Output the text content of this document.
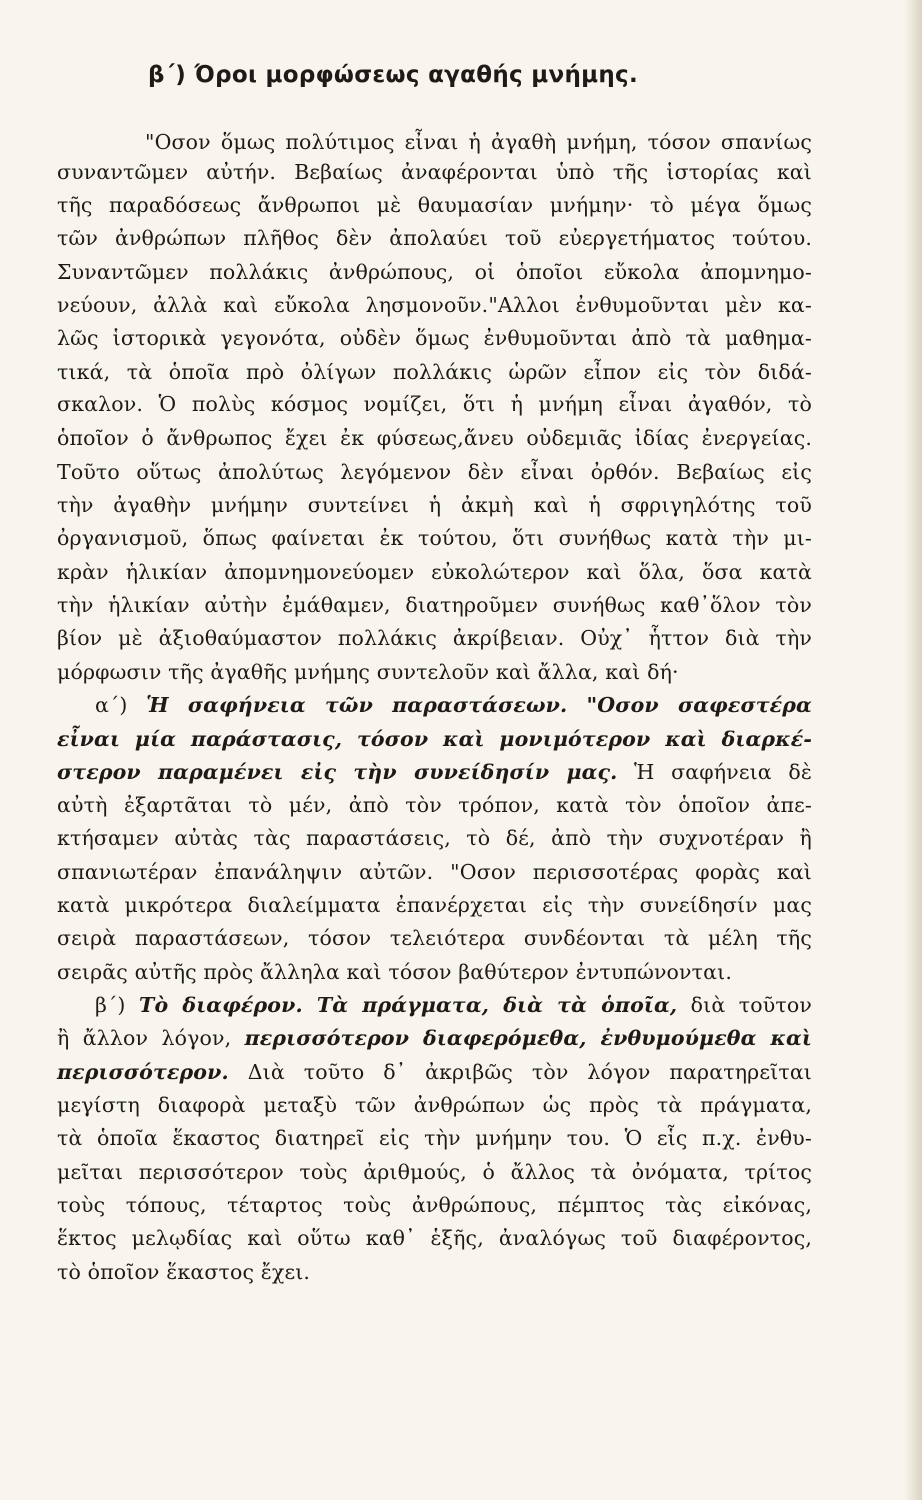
β΄) Όροι μορφώσεως αγαθής μνήμης.
"Οσον ὅμως πολύτιμος εἶναι ἡ ἀγαθὴ μνήμη, τόσον σπανίως
συναντῶμεν αὐτήν. Βεβαίως ἀναφέρονται ὑπὸ τῆς ἱστορίας καὶ
τῆς παραδόσεως ἄνθρωποι μὲ θαυμασίαν μνήμην· τὸ μέγα ὅμως
τῶν ἀνθρώπων πλῆθος δὲν ἀπολαύει τοῦ εὐεργετήματος τούτου.
Συναντῶμεν πολλάκις ἀνθρώπους, οἱ ὁποῖοι εὔκολα ἀπομνημο-
νεύουν, ἀλλὰ καὶ εὔκολα λησμονοῦν."Αλλοι ἐνθυμοῦνται μὲν κα-
λῶς ἱστορικὰ γεγονότα, οὐδὲν ὅμως ἐνθυμοῦνται ἀπὸ τὰ μαθημα-
τικά, τὰ ὁποῖα πρὸ ὀλίγων πολλάκις ὡρῶν εἶπον εἰς τὸν διδά-
σκαλον. Ὁ πολὺς κόσμος νομίζει, ὅτι ἡ μνήμη εἶναι ἀγαθόν, τὸ
ὁποῖον ὁ ἄνθρωπος ἔχει ἐκ φύσεως,ἄνευ οὐδεμιᾶς ἰδίας ἐνεργείας.
Τοῦτο οὕτως ἀπολύτως λεγόμενον δὲν εἶναι ὀρθόν. Βεβαίως εἰς
τὴν ἀγαθὴν μνήμην συντείνει ἡ ἀκμὴ καὶ ἡ σφριγηλότης τοῦ
ὀργανισμοῦ, ὅπως φαίνεται ἐκ τούτου, ὅτι συνήθως κατὰ τὴν μι-
κρὰν ἡλικίαν ἀπομνημονεύομεν εὐκολώτερον καὶ ὅλα, ὅσα κατὰ
τὴν ἡλικίαν αὐτὴν ἐμάθαμεν, διατηροῦμεν συνήθως καθ᾽ὅλον τὸν
βίον μὲ ἀξιοθαύμαστον πολλάκις ἀκρίβειαν. Οὐχ᾽ ἧττον διὰ τὴν
μόρφωσιν τῆς ἀγαθῆς μνήμης συντελοῦν καὶ ἄλλα, καὶ δή·
α΄) Ἡ σαφήνεια τῶν παραστάσεων. "Οσον σαφεστέρα
εἶναι μία παράστασις, τόσον καὶ μονιμότερον καὶ διαρκέ-
στερον παραμένει εἰς τὴν συνείδησίν μας. Ἡ σαφήνεια δὲ
αὐτὴ ἐξαρτᾶται τὸ μέν, ἀπὸ τὸν τρόπον, κατὰ τὸν ὁποῖον ἀπε-
κτήσαμεν αὐτὰς τὰς παραστάσεις, τὸ δέ, ἀπὸ τὴν συχνοτέραν ἢ
σπανιωτέραν ἐπανάληψιν αὐτῶν. "Οσον περισσοτέρας φορὰς καὶ
κατὰ μικρότερα διαλείμματα ἐπανέρχεται εἰς τὴν συνείδησίν μας
σειρὰ παραστάσεων, τόσον τελειότερα συνδέονται τὰ μέλη τῆς
σειρᾶς αὐτῆς πρὸς ἄλληλα καὶ τόσον βαθύτερον ἐντυπώνονται.
β΄) Τὸ διαφέρον. Τὰ πράγματα, διὰ τὰ ὁποῖα, διὰ τοῦτον
ἢ ἄλλον λόγον, περισσότερον διαφερόμεθα, ἐνθυμούμεθα καὶ
περισσότερον. Διὰ τοῦτο δ᾽ ἀκριβῶς τὸν λόγον παρατηρεῖται
μεγίστη διαφορὰ μεταξὺ τῶν ἀνθρώπων ὡς πρὸς τὰ πράγματα,
τὰ ὁποῖα ἕκαστος διατηρεῖ εἰς τὴν μνήμην του. Ὁ εἷς π.χ. ἐνθυ-
μεῖται περισσότερον τοὺς ἀριθμούς, ὁ ἄλλος τὰ ὀνόματα, τρίτος
τοὺς τόπους, τέταρτος τοὺς ἀνθρώπους, πέμπτος τὰς εἰκόνας,
ἕκτος μελῳδίας καὶ οὕτω καθ᾽ ἑξῆς, ἀναλόγως τοῦ διαφέροντος,
τὸ ὁποῖον ἕκαστος ἔχει.
